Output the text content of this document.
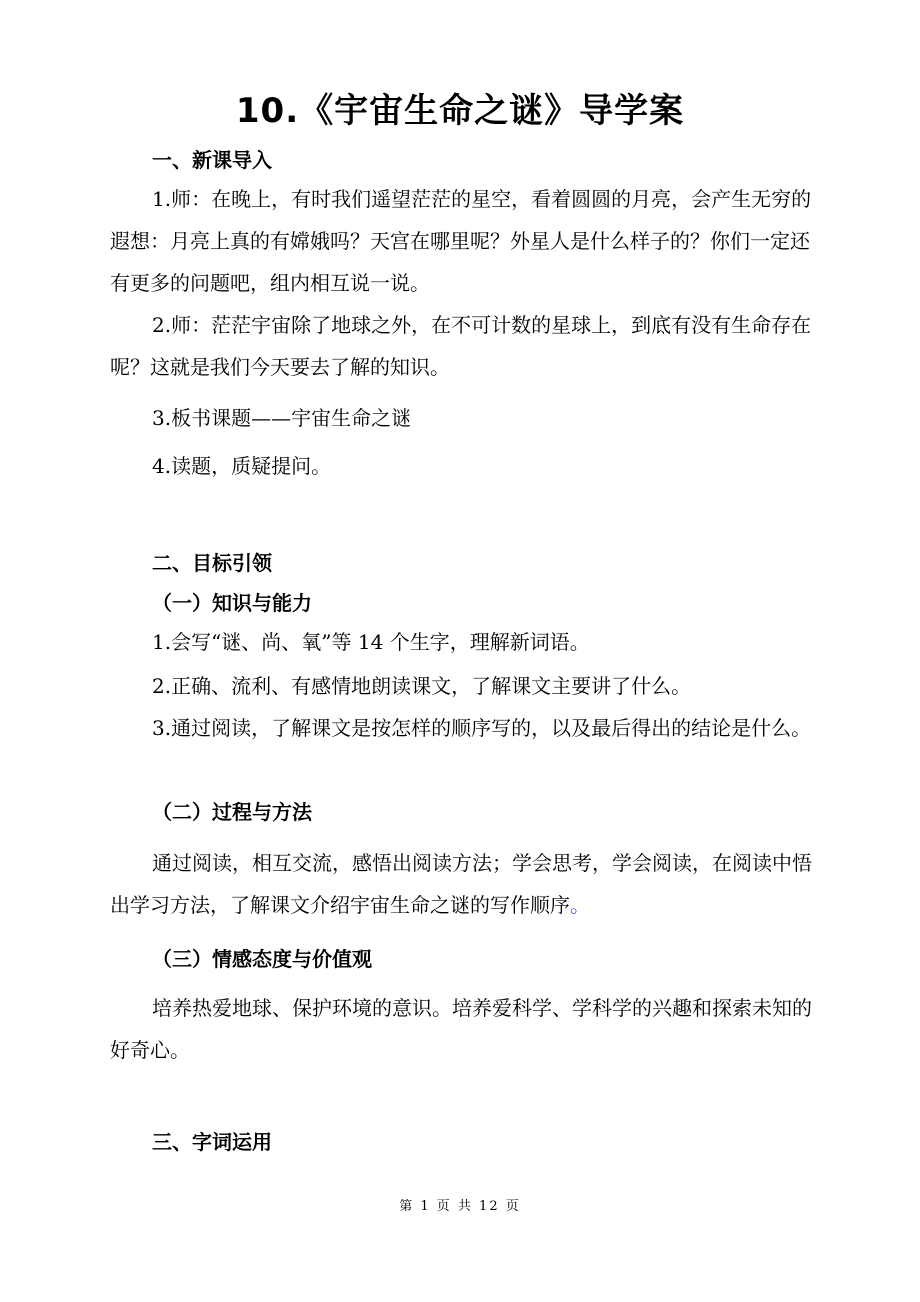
10.《宇宙生命之谜》导学案
一、新课导入

1.师：在晚上，有时我们遥望茫茫的星空，看着圆圆的月亮，会产生无穷的遐想：月亮上真的有嫦娥吗？天宫在哪里呢？外星人是什么样子的？你们一定还有更多的问题吧，组内相互说一说。

2.师：茫茫宇宙除了地球之外，在不可计数的星球上，到底有没有生命存在呢？这就是我们今天要去了解的知识。

3.板书课题——宇宙生命之谜
4.读题，质疑提问。
二、目标引领
（一）知识与能力
1.会写“谜、尚、氧”等 14 个生字，理解新词语。
2.正确、流利、有感情地朗读课文，了解课文主要讲了什么。

3.通过阅读，了解课文是按怎样的顺序写的，以及最后得出的结论是什么。

（二）过程与方法

通过阅读，相互交流，感悟出阅读方法；学会思考，学会阅读，在阅读中悟出学习方法，了解课文介绍宇宙生命之谜的写作顺序。

（三）情感态度与价值观

培养热爱地球、保护环境的意识。培养爱科学、学科学的兴趣和探索未知的好奇心。

三、字词运用
第 1 页 共 12 页
